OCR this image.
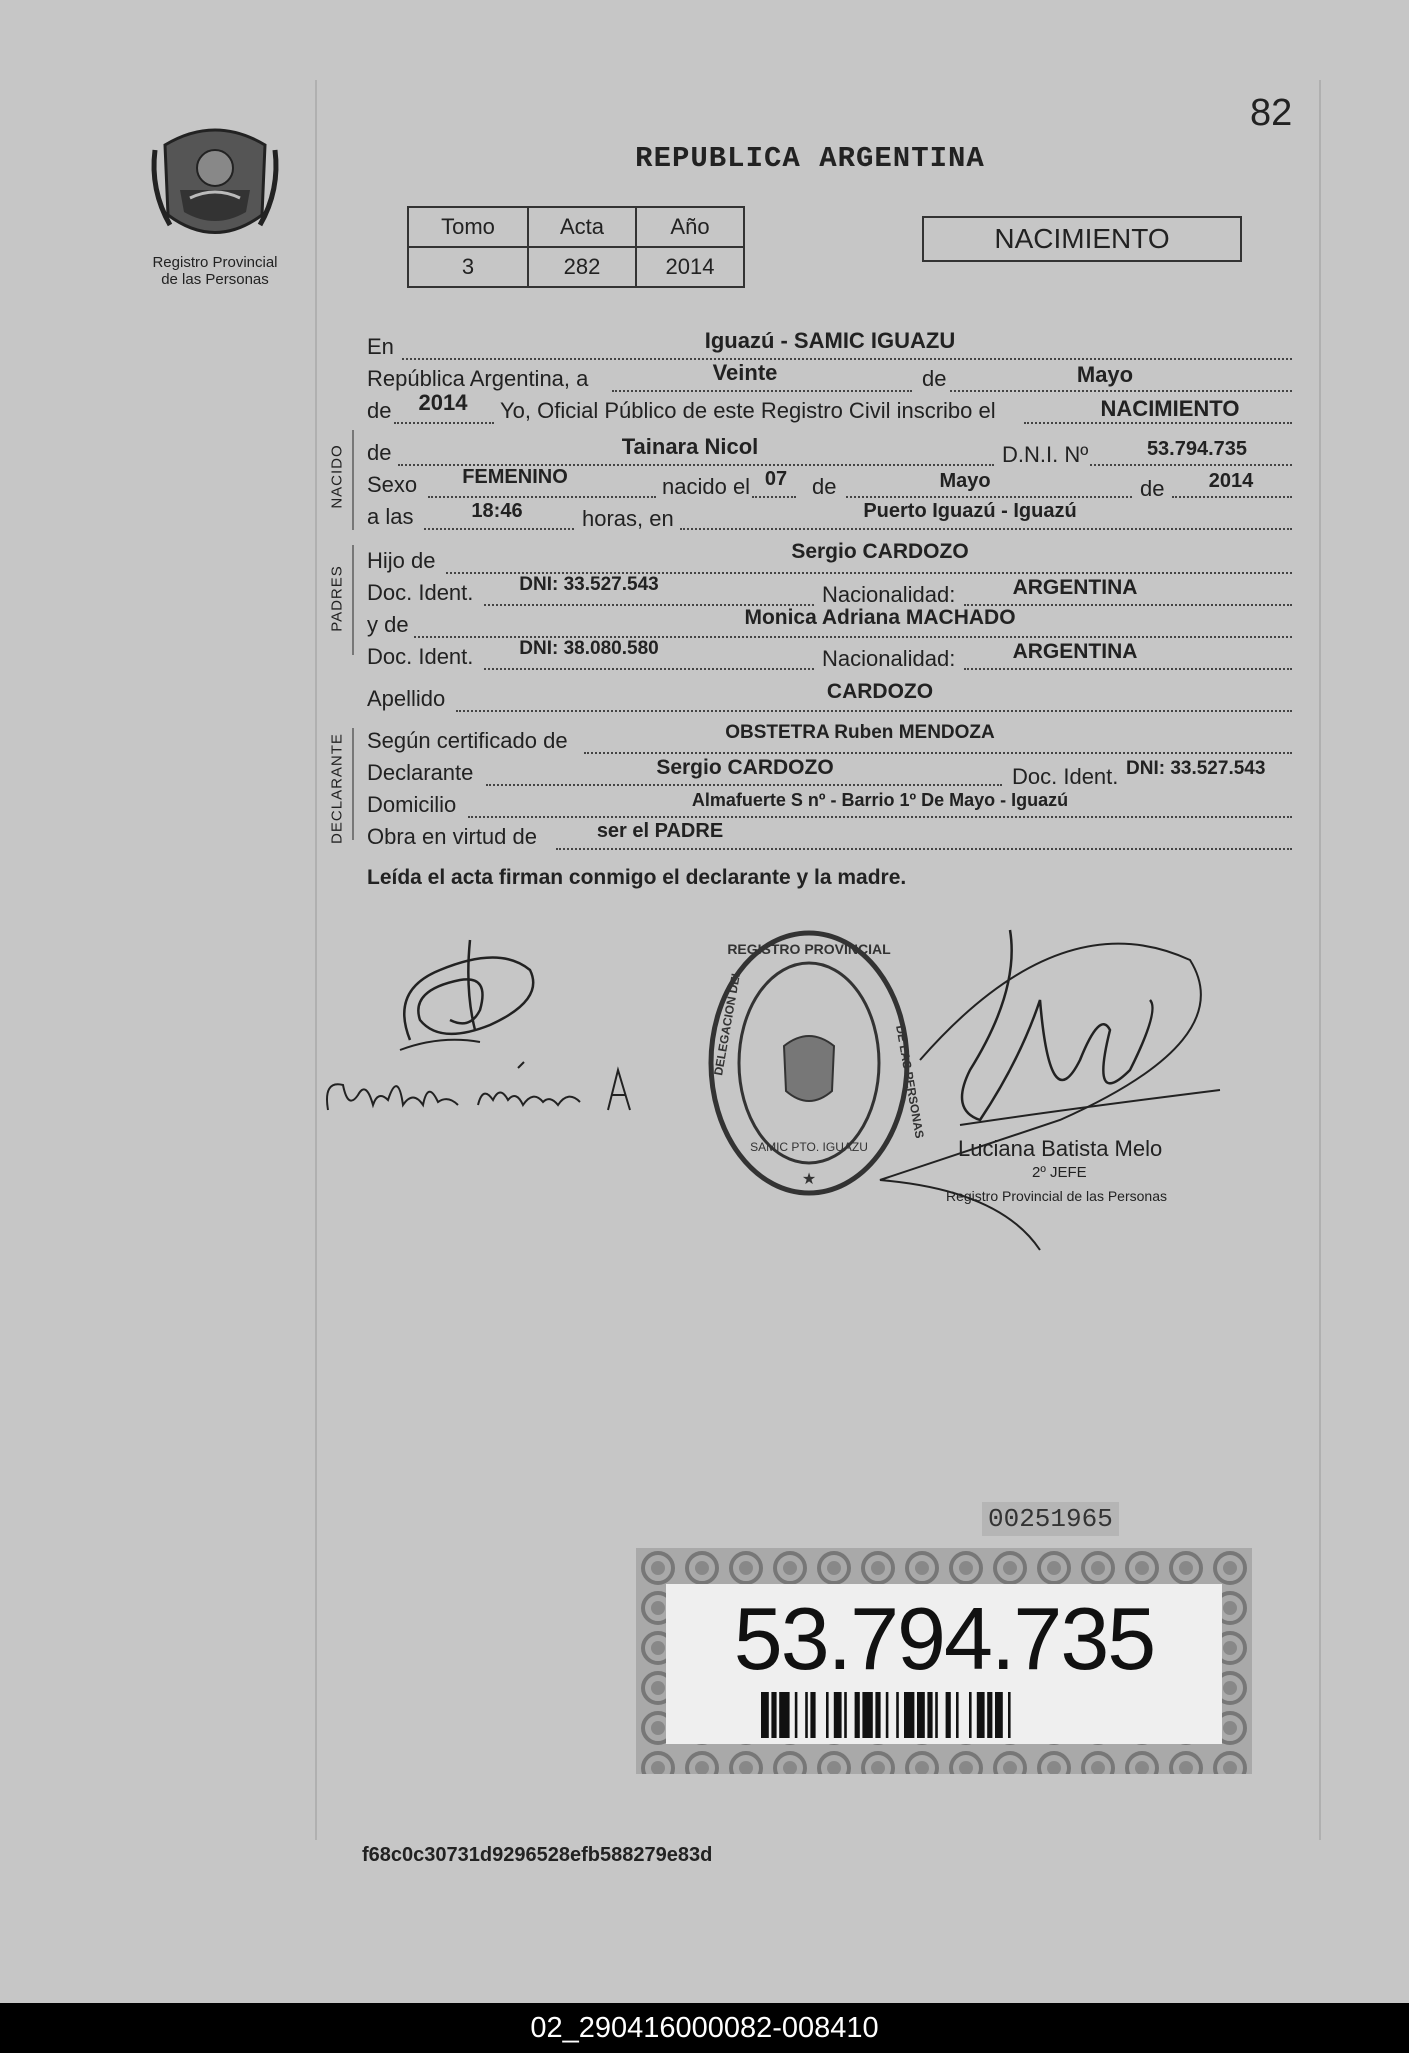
82
Registro Provincial
de las Personas
REPUBLICA ARGENTINA
Tomo	Acta	Año
3	282	2014
NACIMIENTO
NACIDO
PADRES
DECLARANTE
En	Iguazú - SAMIC IGUAZU
República Argentina, a	Veinte	de	Mayo
de	2014	Yo, Oficial Público de este Registro Civil inscribo el	NACIMIENTO
de	Tainara Nicol	D.N.I. Nº	53.794.735
Sexo	FEMENINO	nacido el 07	de	Mayo	de	2014
a las	18:46	horas, en	Puerto Iguazú - Iguazú
Hijo de	Sergio CARDOZO
Doc. Ident.	DNI: 33.527.543	Nacionalidad:	ARGENTINA
y de	Monica Adriana MACHADO
Doc. Ident.	DNI: 38.080.580	Nacionalidad:	ARGENTINA
Apellido	CARDOZO
Según certificado de	OBSTETRA Ruben MENDOZA
Declarante	Sergio CARDOZO	Doc. Ident. DNI: 33.527.543
Domicilio	Almafuerte S nº - Barrio 1º De Mayo - Iguazú
Obra en virtud de	ser el PADRE
Leída el acta firman conmigo el declarante y la madre.
REGISTRO PROVINCIAL
DELEGACION DEL
DE LAS PERSONAS
SAMIC PTO. IGUAZU
★
Luciana Batista Melo
2º JEFE
Registro Provincial de las Personas
00251965
53.794.735
f68c0c30731d9296528efb588279e83d
02_290416000082-008410
